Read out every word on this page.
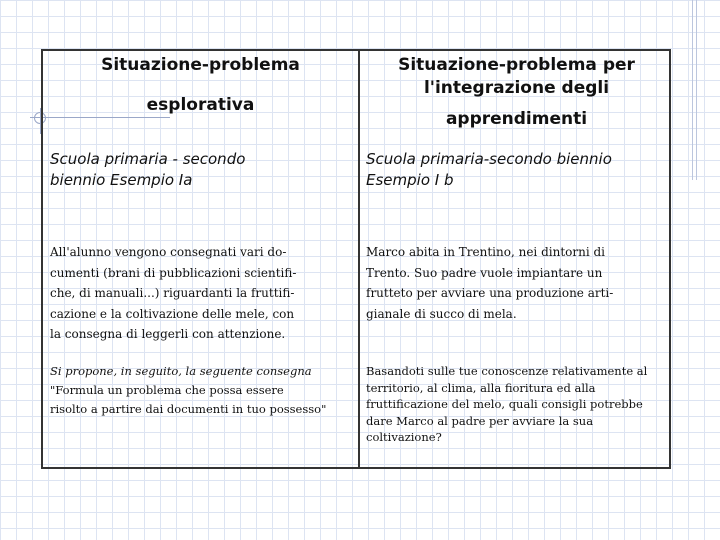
Situazione-problema
esplorativa
Situazione-problema per
l'integrazione degli
apprendimenti
Scuola primaria - secondo
biennio Esempio Ia
Scuola primaria-secondo biennio
Esempio I b
All'alunno vengono consegnati vari do-
cumenti (brani di pubblicazioni scientifi-
che, di manuali...) riguardanti la fruttifi-
cazione e la coltivazione delle mele, con
la consegna di leggerli con attenzione.
Marco abita in Trentino, nei dintorni di
Trento. Suo padre vuole impiantare un
frutteto per avviare una produzione arti-
gianale di succo di mela.
Si propone, in seguito, la seguente consegna
"Formula un problema che possa essere
risolto a partire dai documenti in tuo possesso"
Basandoti sulle tue conoscenze relativamente al
territorio, al clima, alla fioritura ed alla
fruttificazione del melo, quali consigli potrebbe
dare Marco al padre per avviare la sua
coltivazione?
